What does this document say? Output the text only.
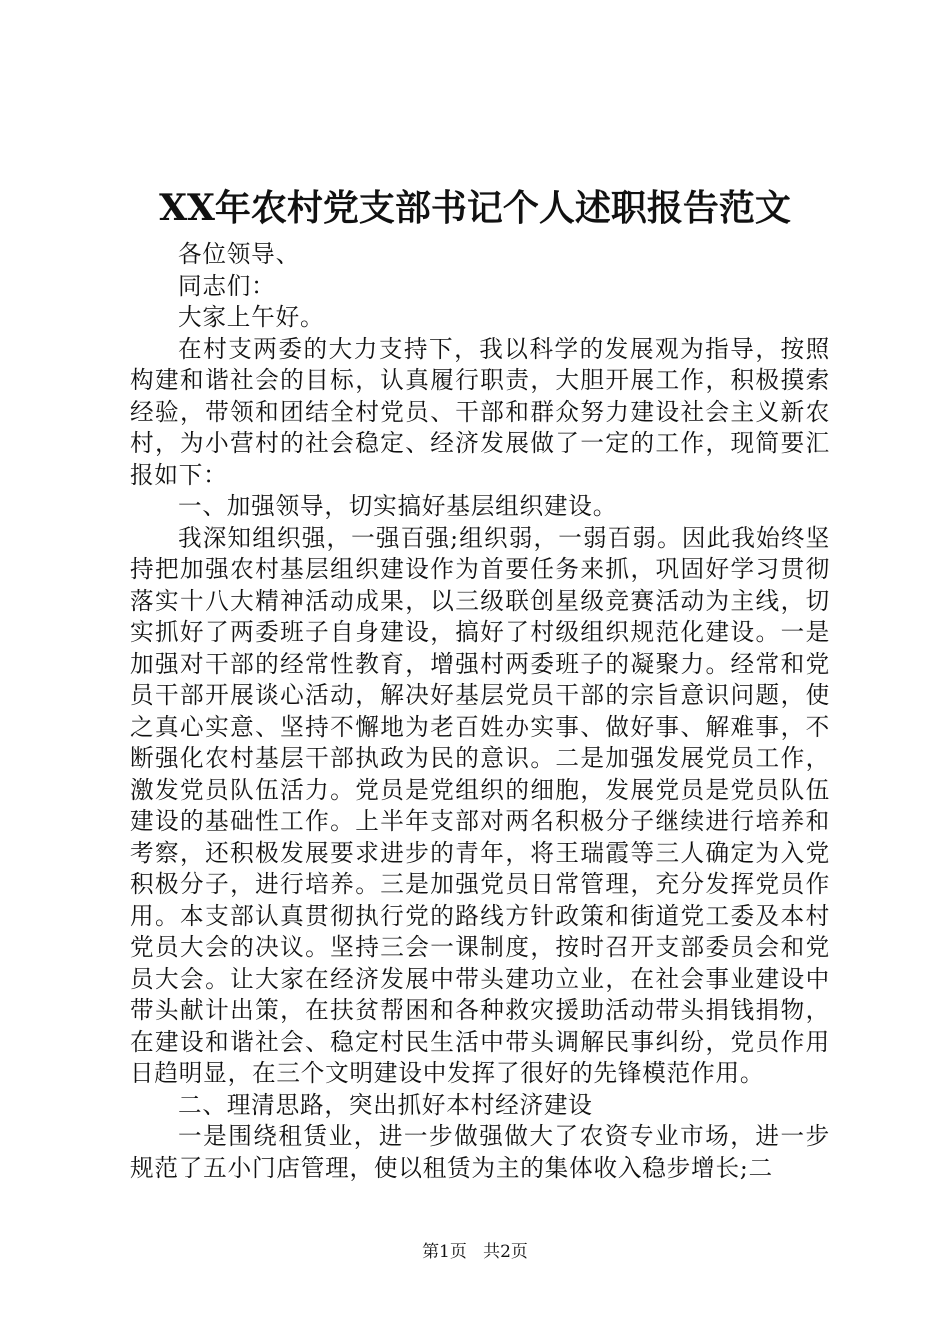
XX年农村党支部书记个人述职报告范文

各位领导、

同志们：

大家上午好。

在村支两委的大力支持下，我以科学的发展观为指导，按照构建和谐社会的目标，认真履行职责，大胆开展工作，积极摸索经验，带领和团结全村党员、干部和群众努力建设社会主义新农村，为小营村的社会稳定、经济发展做了一定的工作，现简要汇报如下：

一、加强领导，切实搞好基层组织建设。

我深知组织强，一强百强;组织弱，一弱百弱。因此我始终坚持把加强农村基层组织建设作为首要任务来抓，巩固好学习贯彻落实十八大精神活动成果，以三级联创星级竞赛活动为主线，切实抓好了两委班子自身建设，搞好了村级组织规范化建设。一是加强对干部的经常性教育，增强村两委班子的凝聚力。经常和党员干部开展谈心活动，解决好基层党员干部的宗旨意识问题，使之真心实意、坚持不懈地为老百姓办实事、做好事、解难事，不断强化农村基层干部执政为民的意识。二是加强发展党员工作，激发党员队伍活力。党员是党组织的细胞，发展党员是党员队伍建设的基础性工作。上半年支部对两名积极分子继续进行培养和考察，还积极发展要求进步的青年，将王瑞霞等三人确定为入党积极分子，进行培养。三是加强党员日常管理，充分发挥党员作用。本支部认真贯彻执行党的路线方针政策和街道党工委及本村党员大会的决议。坚持三会一课制度，按时召开支部委员会和党员大会。让大家在经济发展中带头建功立业，在社会事业建设中带头献计出策，在扶贫帮困和各种救灾援助活动带头捐钱捐物，在建设和谐社会、稳定村民生活中带头调解民事纠纷，党员作用日趋明显，在三个文明建设中发挥了很好的先锋模范作用。

二、理清思路，突出抓好本村经济建设

一是围绕租赁业，进一步做强做大了农资专业市场，进一步规范了五小门店管理，使以租赁为主的集体收入稳步增长;二

第1页 共2页
